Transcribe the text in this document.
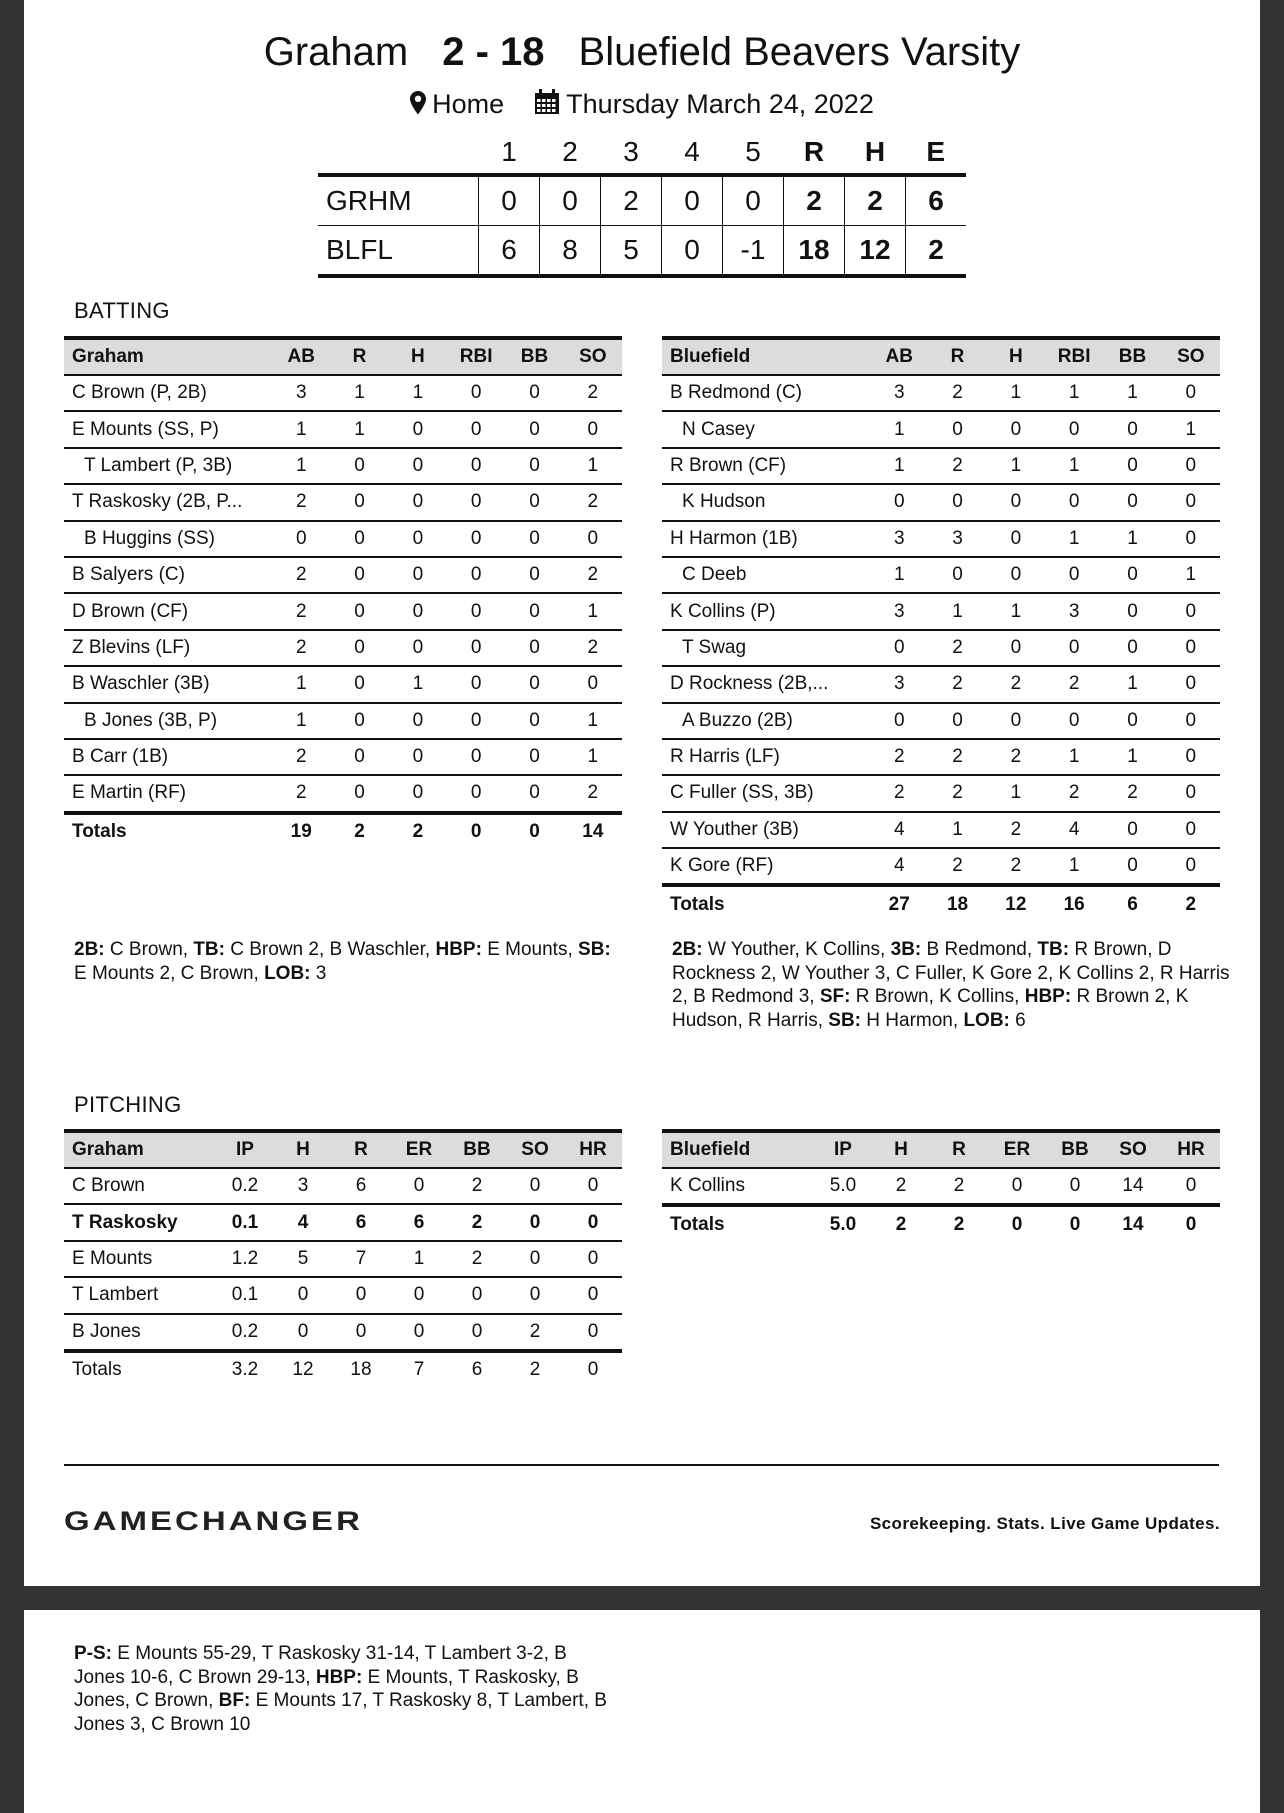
Graham 2 - 18 Bluefield Beavers Varsity
Home Thursday March 24, 2022
	1	2	3	4	5	R	H	E
GRHM	0	0	2	0	0	2	2	6
BLFL	6	8	5	0	-1	18	12	2
BATTING
Graham	AB	R	H	RBI	BB	SO
C Brown (P, 2B)	3	1	1	0	0	2
E Mounts (SS, P)	1	1	0	0	0	0
T Lambert (P, 3B)	1	0	0	0	0	1
T Raskosky (2B, P...	2	0	0	0	0	2
B Huggins (SS)	0	0	0	0	0	0
B Salyers (C)	2	0	0	0	0	2
D Brown (CF)	2	0	0	0	0	1
Z Blevins (LF)	2	0	0	0	0	2
B Waschler (3B)	1	0	1	0	0	0
B Jones (3B, P)	1	0	0	0	0	1
B Carr (1B)	2	0	0	0	0	1
E Martin (RF)	2	0	0	0	0	2
Totals	19	2	2	0	0	14
Bluefield	AB	R	H	RBI	BB	SO
B Redmond (C)	3	2	1	1	1	0
N Casey	1	0	0	0	0	1
R Brown (CF)	1	2	1	1	0	0
K Hudson	0	0	0	0	0	0
H Harmon (1B)	3	3	0	1	1	0
C Deeb	1	0	0	0	0	1
K Collins (P)	3	1	1	3	0	0
T Swag	0	2	0	0	0	0
D Rockness (2B,...	3	2	2	2	1	0
A Buzzo (2B)	0	0	0	0	0	0
R Harris (LF)	2	2	2	1	1	0
C Fuller (SS, 3B)	2	2	1	2	2	0
W Youther (3B)	4	1	2	4	0	0
K Gore (RF)	4	2	2	1	0	0
Totals	27	18	12	16	6	2
2B: C Brown, TB: C Brown 2, B Waschler, HBP: E Mounts, SB: E Mounts 2, C Brown, LOB: 3
2B: W Youther, K Collins, 3B: B Redmond, TB: R Brown, D Rockness 2, W Youther 3, C Fuller, K Gore 2, K Collins 2, R Harris 2, B Redmond 3, SF: R Brown, K Collins, HBP: R Brown 2, K Hudson, R Harris, SB: H Harmon, LOB: 6
PITCHING
Graham	IP	H	R	ER	BB	SO	HR
C Brown	0.2	3	6	0	2	0	0
T Raskosky	0.1	4	6	6	2	0	0
E Mounts	1.2	5	7	1	2	0	0
T Lambert	0.1	0	0	0	0	0	0
B Jones	0.2	0	0	0	0	2	0
Totals	3.2	12	18	7	6	2	0
Bluefield	IP	H	R	ER	BB	SO	HR
K Collins	5.0	2	2	0	0	14	0
Totals	5.0	2	2	0	0	14	0
GAMECHANGER	Scorekeeping. Stats. Live Game Updates.
P-S: E Mounts 55-29, T Raskosky 31-14, T Lambert 3-2, B Jones 10-6, C Brown 29-13, HBP: E Mounts, T Raskosky, B Jones, C Brown, BF: E Mounts 17, T Raskosky 8, T Lambert, B Jones 3, C Brown 10
